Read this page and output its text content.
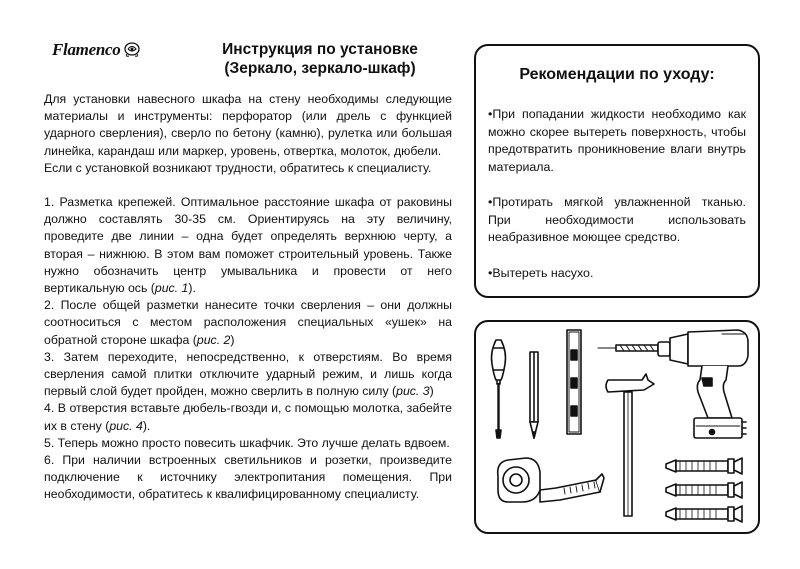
Flamenco	Инструкция по установке
(Зеркало, зеркало-шкаф)

Для установки навесного шкафа на стену необходимы следующие материалы и инструменты: перфоратор (или дрель с функцией ударного сверления), сверло по бетону (камню), рулетка или большая линейка, карандаш или маркер, уровень, отвертка, молоток, дюбели.

Если с установкой возникают трудности, обратитесь к специалисту.

1. Разметка крепежей. Оптимальное расстояние шкафа от раковины должно составлять 30-35 см. Ориентируясь на эту величину, проведите две линии – одна будет определять верхнюю черту, а вторая – нижнюю. В этом вам поможет строительный уровень. Также нужно обозначить центр умывальника и провести от него вертикальную ось (рис. 1).

2. После общей разметки нанесите точки сверления – они должны соотноситься с местом расположения специальных «ушек» на обратной стороне шкафа (рис. 2)

3. Затем переходите, непосредственно, к отверстиям. Во время сверления самой плитки отключите ударный режим, и лишь когда первый слой будет пройден, можно сверлить в полную силу (рис. 3)

4. В отверстия вставьте дюбель-гвозди и, с помощью молотка, забейте их в стену (рис. 4).

5. Теперь можно просто повесить шкафчик. Это лучше делать вдвоем.

6. При наличии встроенных светильников и розетки, произведите подключение к источнику электропитания помещения. При необходимости, обратитесь к квалифицированному специалисту.

Рекомендации по уходу:

•При попадании жидкости необходимо как можно скорее вытереть поверхность, чтобы предотвратить проникновение влаги внутрь материала.

•Протирать мягкой увлажненной тканью. При необходимости использовать неабразивное моющее средство.

•Вытереть насухо.
